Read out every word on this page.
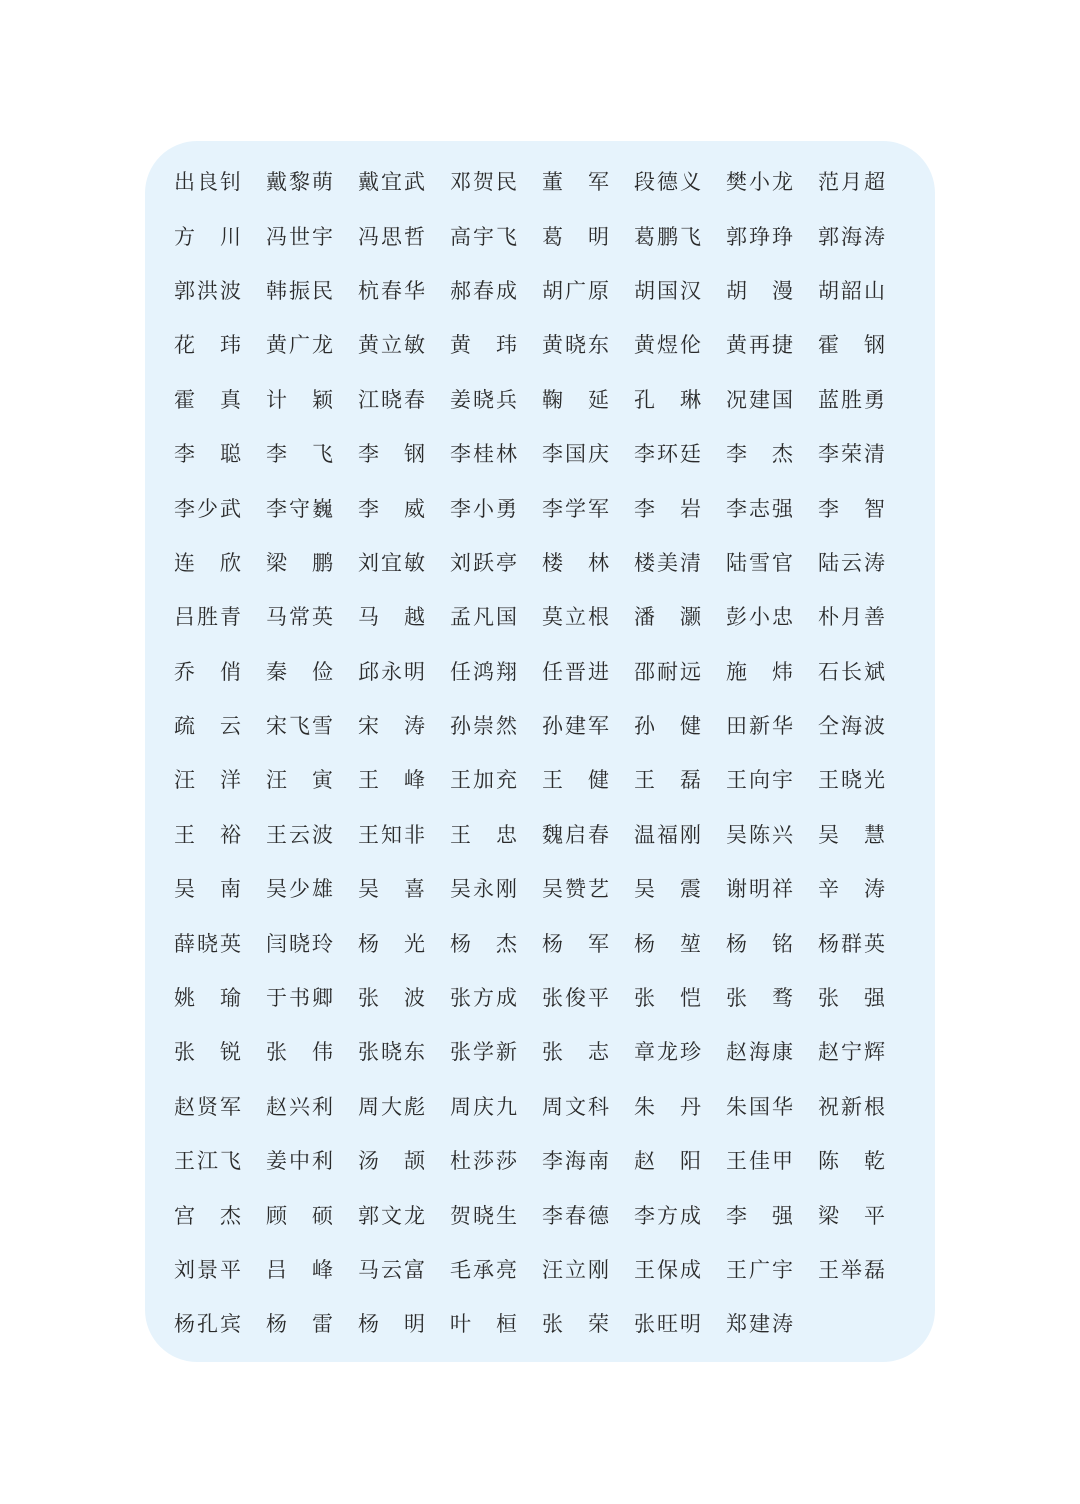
出 良 钊 戴 黎 萌 戴 宜 武 邓 贺 民 董 军 段 德 义 樊 小 龙 范 月 超
方 川 冯 世 宇 冯 思 哲 高 宇 飞 葛 明 葛 鹏 飞 郭 琤 琤 郭 海 涛
郭 洪 波 韩 振 民 杭 春 华 郝 春 成 胡 广 原 胡 国 汉 胡 漫 胡 韶 山
花 玮 黄 广 龙 黄 立 敏 黄 玮 黄 晓 东 黄 煜 伦 黄 再 捷 霍 钢
霍 真 计 颖 江 晓 春 姜 晓 兵 鞠 延 孔 琳 况 建 国 蓝 胜 勇
李 聪 李 飞 李 钢 李 桂 林 李 国 庆 李 环 廷 李 杰 李 荣 清
李 少 武 李 守 巍 李 威 李 小 勇 李 学 军 李 岩 李 志 强 李 智
连 欣 梁 鹏 刘 宜 敏 刘 跃 亭 楼 林 楼 美 清 陆 雪 官 陆 云 涛
吕 胜 青 马 常 英 马 越 孟 凡 国 莫 立 根 潘 灏 彭 小 忠 朴 月 善
乔 俏 秦 俭 邱 永 明 任 鸿 翔 任 晋 进 邵 耐 远 施 炜 石 长 斌
疏 云 宋 飞 雪 宋 涛 孙 崇 然 孙 建 军 孙 健 田 新 华 仝 海 波
汪 洋 汪 寅 王 峰 王 加 充 王 健 王 磊 王 向 宇 王 晓 光
王 裕 王 云 波 王 知 非 王 忠 魏 启 春 温 福 刚 吴 陈 兴 吴 慧
吴 南 吴 少 雄 吴 喜 吴 永 刚 吴 赞 艺 吴 震 谢 明 祥 辛 涛
薛 晓 英 闫 晓 玲 杨 光 杨 杰 杨 军 杨 堃 杨 铭 杨 群 英
姚 瑜 于 书 卿 张 波 张 方 成 张 俊 平 张 恺 张 骛 张 强
张 锐 张 伟 张 晓 东 张 学 新 张 志 章 龙 珍 赵 海 康 赵 宁 辉
赵 贤 军 赵 兴 利 周 大 彪 周 庆 九 周 文 科 朱 丹 朱 国 华 祝 新 根
王 江 飞 姜 中 利 汤 颉 杜 莎 莎 李 海 南 赵 阳 王 佳 甲 陈 乾
宫 杰 顾 硕 郭 文 龙 贺 晓 生 李 春 德 李 方 成 李 强 梁 平
刘 景 平 吕 峰 马 云 富 毛 承 亮 汪 立 刚 王 保 成 王 广 宇 王 举 磊
杨 孔 宾 杨 雷 杨 明 叶 桓 张 荣 张 旺 明 郑 建 涛
